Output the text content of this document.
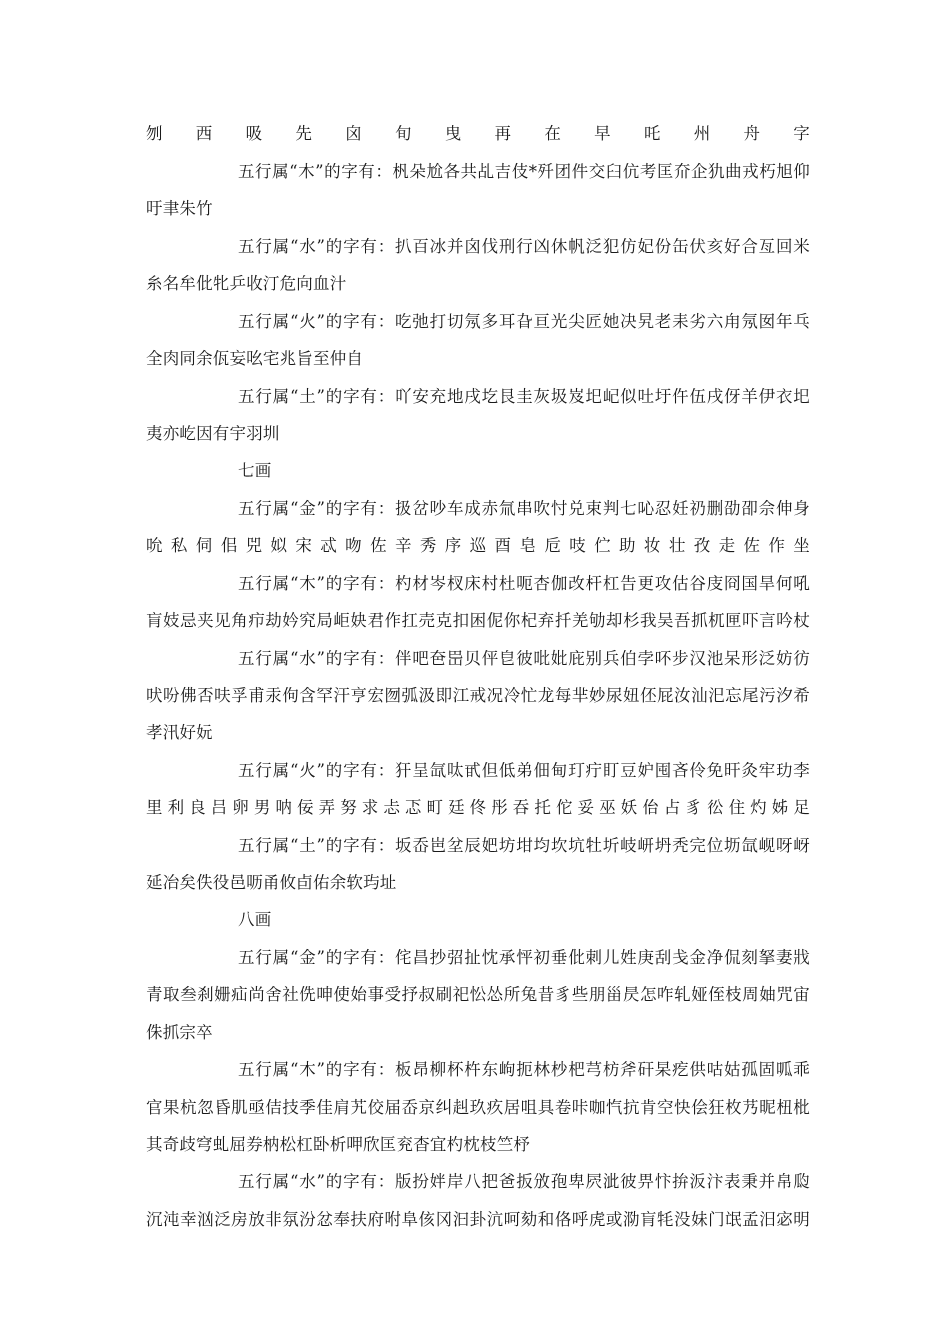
刎西吸先囟旬曳再在早吒州舟字
五行属“木”的字有：杋朵尬各共乩吉伎*歼团件交臼伉考匡夼企犰曲戎朽旭仰
吁聿朱竹
五行属“水”的字有：扒百冰并囟伐刑行凶休帆泛犯仿妃份缶伏亥好合亙回米
糸名牟仳牝乒收汀危向血汁
五行属“火”的字有：吃弛打切氖多耳旮亘光尖匠她决旯老耒劣六甪氖囡年乓
全肉同余佤妄吆宅兆旨至仲自
五行属“土”的字有：吖安充地戌圪艮圭灰圾岌圯屺似吐圩仵伍戌伢羊伊衣圯
夷亦屹因有宇羽圳
七画
五行属“金”的字有：扱岔吵车成赤氚串吹忖兑束判七吣忍妊礽删劭卲佘伸身
吮私伺佀兕姒宋忒吻佐辛秀序巡酉皂卮吱伫助妆壮孜走佐作坐
五行属“木”的字有：杓材岑杈床村杜呃杏伽改杆杠告更攻估谷庋冏国旱何吼
肓妓忌夹见角疖劫妗究局岠妜君作扛売克扣困伲你杞弃扦羌劬却杉我吴吾抓杌匣吓言吟杖
五行属“水”的字有：伴吧夿岊贝伻皀彼吡妣庇别兵伯孛吥步汉池呆形泛妨彷
吠吩佛否呋孚甫汞佝含罕汗亨宏囫弧汲即江戒况冷忙龙每芈妙尿妞伾屁汝汕汜忘尾污汐希
孝汛好妧
五行属“火”的字有：犴呈氙呔甙但低弟佃甸玎疔盯豆妒囤吝伶免旰灸牢玏李
里利良吕卵男呐佞弄努求忐忑町廷佟彤吞托佗妥巫妖佁占豸彸住灼姊足
五行属“土”的字有：坂岙岜坌辰妑坊坩均坎坑牡圻岐岍坍秃完位坜氙岘呀岈
延冶矣佚役邑呖甬攸卣佑余软玙址
八画
五行属“金”的字有：侘昌抄弨扯忱承怦初垂仳刺儿姓庚刮戋金净侃刻拏妻戕
青取叁刹姗疝尚舍社侁呻使始事受抒叔刷祀忪怂所兔昔豸些朋甾昃怎咋轧娅侄枝周妯咒宙
侏抓宗卒
五行属“木”的字有：板昂柳杯杵东岣扼林杪杷芎枋斧矸杲疙供咕姑孤固呱乖
官果杭忽昏肌亟佶技季佳肩艽佼届岙京纠赳玖疚居咀具卷咔咖忾抗肯空快侩狂枚艿昵杻枇
其奇歧穹虬屈券枘松杠卧析呷欣匡兖杳宜杓枕枝竺杼
五行属“水”的字有：版扮姅岸八把爸扳攽孢卑屄泚彼畀忭拚汳汴表秉并帛瓝
沉沌幸汹泛房放非氛汾忿奉扶府咐阜侅冈汩卦沆呵劾和佫呼虎或泐肓牦没妹门氓孟汨宓明
